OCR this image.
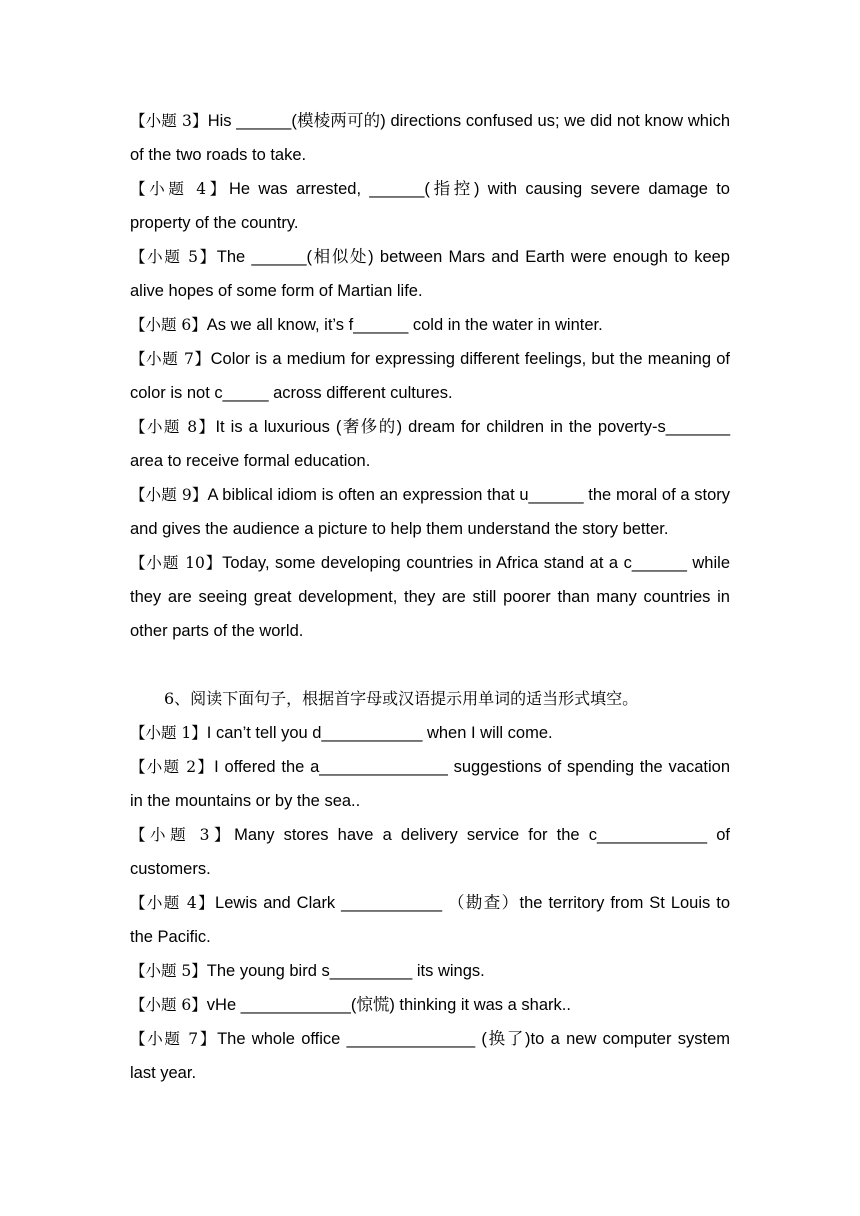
【小题 3】His ______(模棱两可的) directions confused us; we did not know which of the two roads to take.

【小题 4】He was arrested, ______(指控) with causing severe damage to property of the country.

【小题 5】The ______(相似处) between Mars and Earth were enough to keep alive hopes of some form of Martian life.

【小题 6】As we all know, it’s f______ cold in the water in winter.

【小题 7】Color is a medium for expressing different feelings, but the meaning of color is not c_____ across different cultures.

【小题 8】It is a luxurious (奢侈的) dream for children in the poverty-s_______ area to receive formal education.

【小题 9】A biblical idiom is often an expression that u______ the moral of a story and gives the audience a picture to help them understand the story better.

【小题 10】Today, some developing countries in Africa stand at a c______ while they are seeing great development, they are still poorer than many countries in other parts of the world.

6、阅读下面句子，根据首字母或汉语提示用单词的适当形式填空。

【小题 1】I can’t tell you d___________ when I will come.

【小题 2】I offered the a______________ suggestions of spending the vacation in the mountains or by the sea..

【小题 3】Many stores have a delivery service for the c____________ of customers.

【小题 4】Lewis and Clark ___________ （勘查）the territory from St Louis to the Pacific.

【小题 5】The young bird s_________ its wings.

【小题 6】vHe ____________(惊慌) thinking it was a shark..

【小题 7】The whole office ______________ (换了)to a new computer system last year.
